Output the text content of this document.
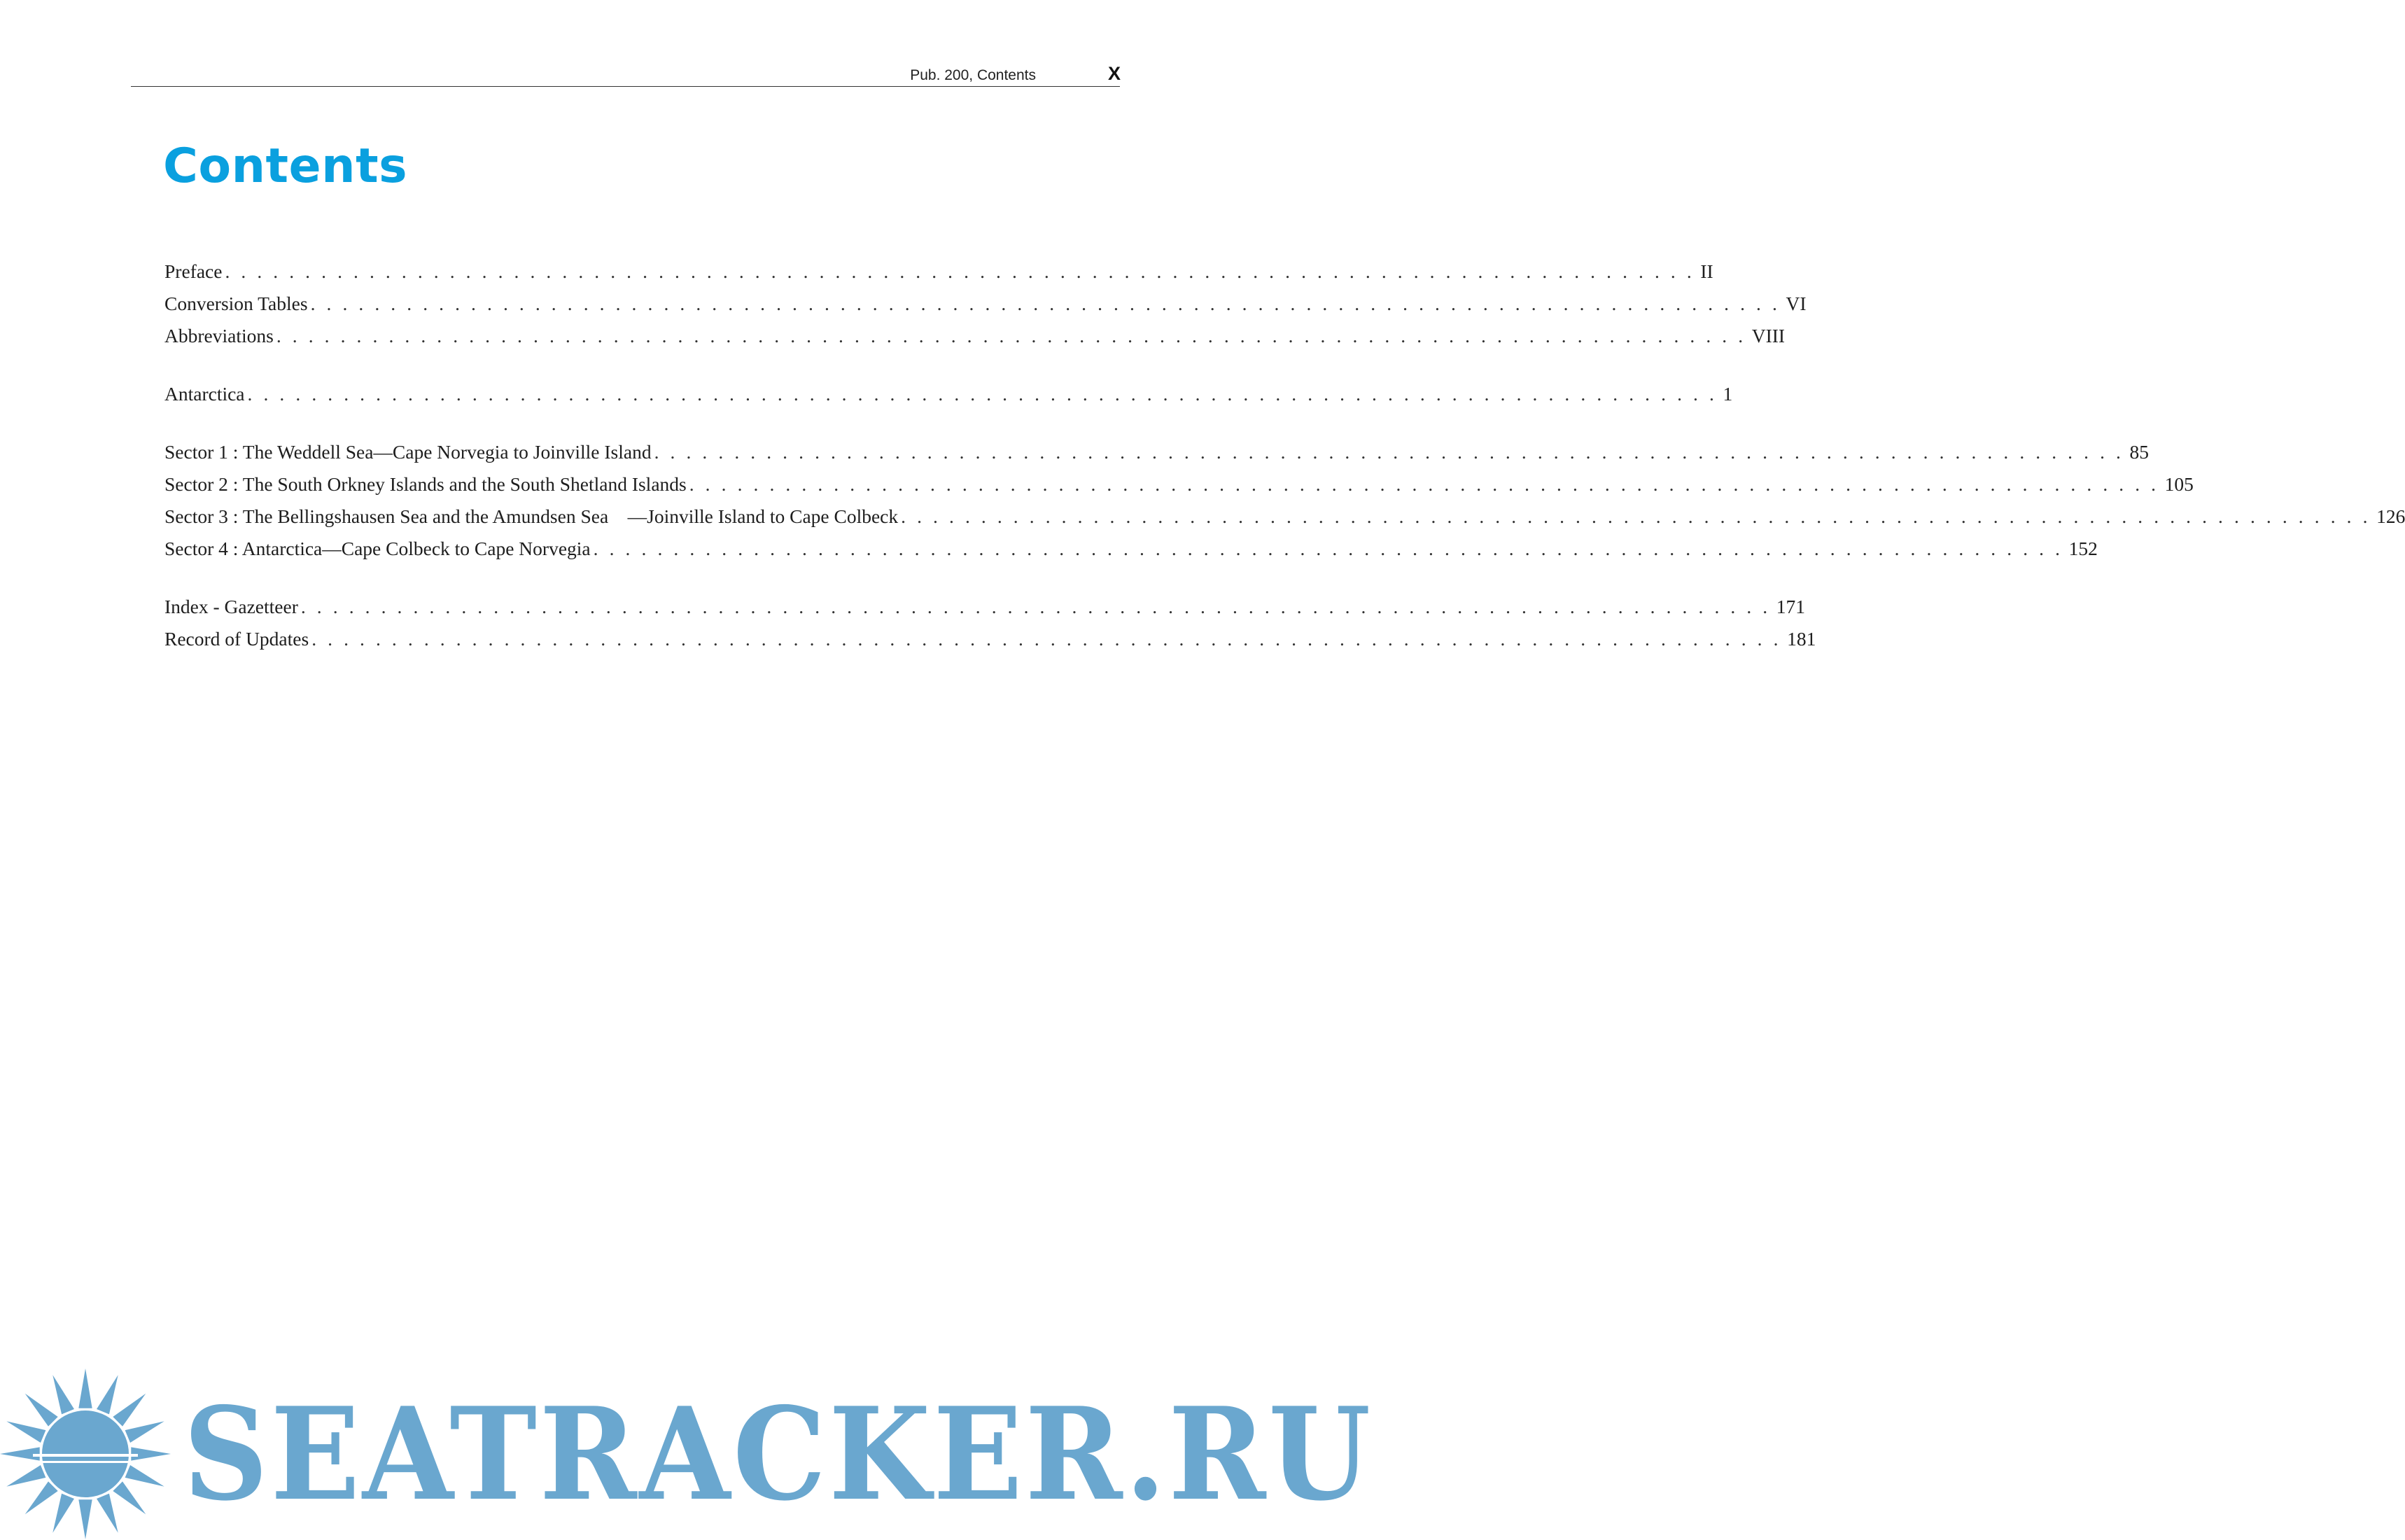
Pub. 200, Contents	X
Contents
Preface . . .	II
Conversion Tables . . .	VI
Abbreviations . . .	VIII
Antarctica . . .	1
Sector 1 : The Weddell Sea—Cape Norvegia to Joinville Island . . .	85
Sector 2 : The South Orkney Islands and the South Shetland Islands . . .	105
Sector 3 : The Bellingshausen Sea and the Amundsen Sea    —Joinville Island to Cape Colbeck . . .	126
Sector 4 : Antarctica—Cape Colbeck to Cape Norvegia . . .	152
Index - Gazetteer . . .	171
Record of Updates . . .	181
SEATRACKER.RU
